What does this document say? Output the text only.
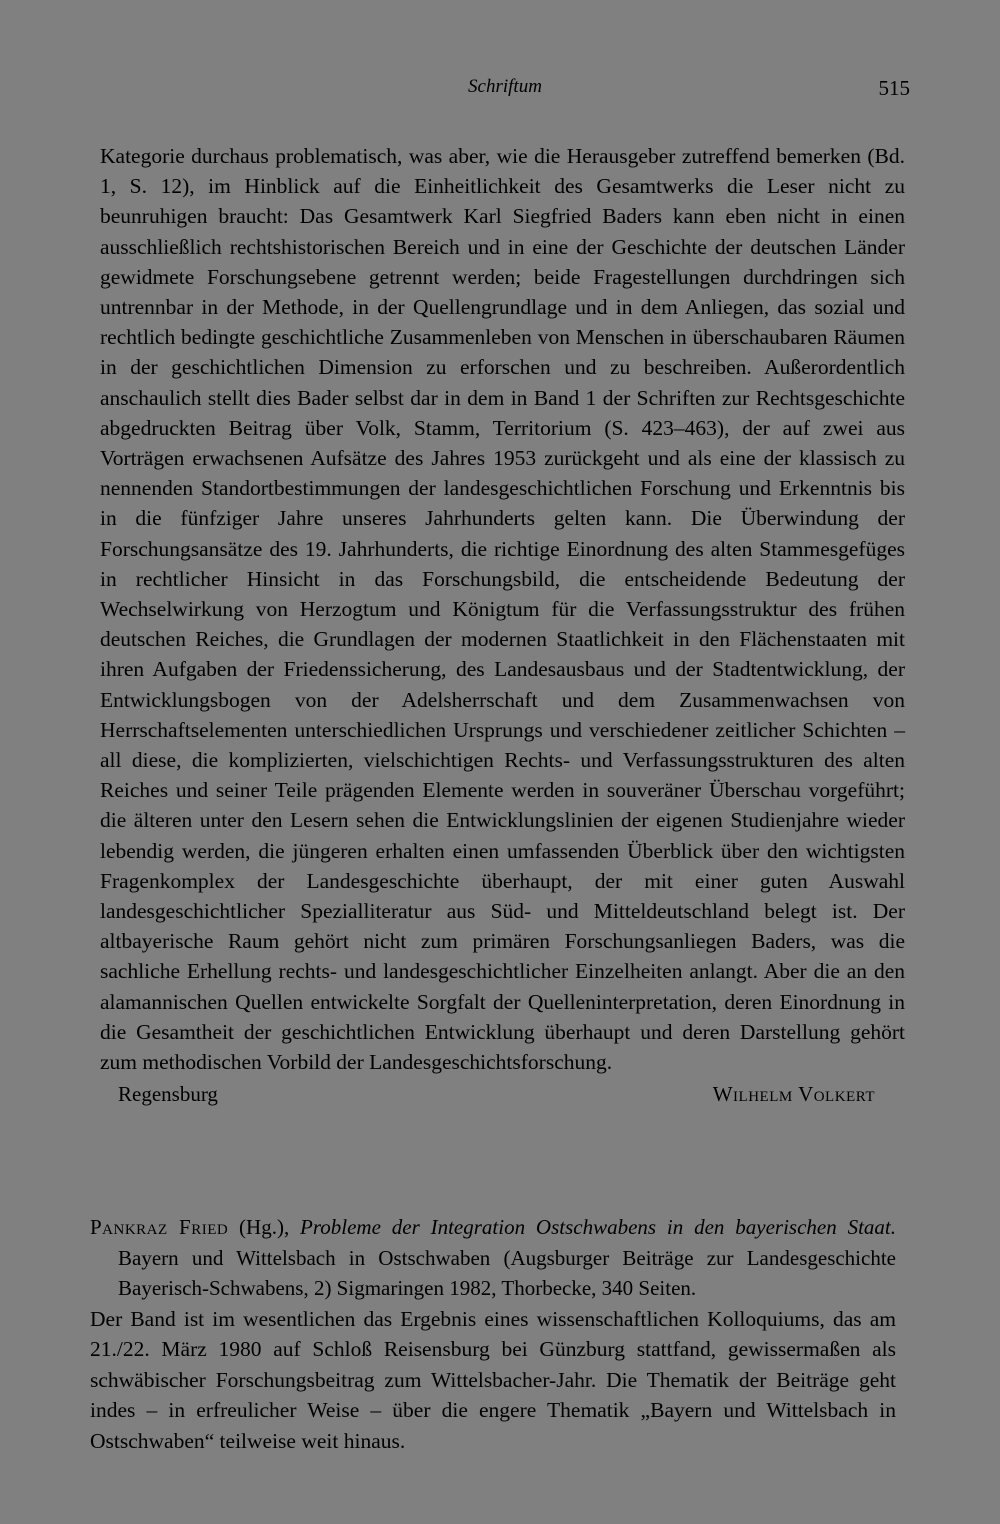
Schriftum	515

Kategorie durchaus problematisch, was aber, wie die Herausgeber zutreffend bemerken (Bd. 1, S. 12), im Hinblick auf die Einheitlichkeit des Gesamtwerks die Leser nicht zu beunruhigen braucht: Das Gesamtwerk Karl Siegfried Baders kann eben nicht in einen ausschließlich rechtshistorischen Bereich und in eine der Geschichte der deutschen Länder gewidmete Forschungsebene getrennt werden; beide Fragestellungen durchdringen sich untrennbar in der Methode, in der Quellengrundlage und in dem Anliegen, das sozial und rechtlich bedingte geschichtliche Zusammenleben von Menschen in überschaubaren Räumen in der geschichtlichen Dimension zu erforschen und zu beschreiben. Außerordentlich anschaulich stellt dies Bader selbst dar in dem in Band 1 der Schriften zur Rechtsgeschichte abgedruckten Beitrag über Volk, Stamm, Territorium (S. 423–463), der auf zwei aus Vorträgen erwachsenen Aufsätze des Jahres 1953 zurückgeht und als eine der klassisch zu nennenden Standortbestimmungen der landesgeschichtlichen Forschung und Erkenntnis bis in die fünfziger Jahre unseres Jahrhunderts gelten kann. Die Überwindung der Forschungsansätze des 19. Jahrhunderts, die richtige Einordnung des alten Stammesgefüges in rechtlicher Hinsicht in das Forschungsbild, die entscheidende Bedeutung der Wechselwirkung von Herzogtum und Königtum für die Verfassungsstruktur des frühen deutschen Reiches, die Grundlagen der modernen Staatlichkeit in den Flächenstaaten mit ihren Aufgaben der Friedenssicherung, des Landesausbaus und der Stadtentwicklung, der Entwicklungsbogen von der Adelsherrschaft und dem Zusammenwachsen von Herrschaftselementen unterschiedlichen Ursprungs und verschiedener zeitlicher Schichten – all diese, die komplizierten, vielschichtigen Rechts- und Verfassungsstrukturen des alten Reiches und seiner Teile prägenden Elemente werden in souveräner Überschau vorgeführt; die älteren unter den Lesern sehen die Entwicklungslinien der eigenen Studienjahre wieder lebendig werden, die jüngeren erhalten einen umfassenden Überblick über den wichtigsten Fragenkomplex der Landesgeschichte überhaupt, der mit einer guten Auswahl landesgeschichtlicher Spezialliteratur aus Süd- und Mitteldeutschland belegt ist. Der altbayerische Raum gehört nicht zum primären Forschungsanliegen Baders, was die sachliche Erhellung rechts- und landesgeschichtlicher Einzelheiten anlangt. Aber die an den alamannischen Quellen entwickelte Sorgfalt der Quelleninterpretation, deren Einordnung in die Gesamtheit der geschichtlichen Entwicklung überhaupt und deren Darstellung gehört zum methodischen Vorbild der Landesgeschichtsforschung.

Regensburg	Wilhelm Volkert

Pankraz Fried (Hg.), Probleme der Integration Ostschwabens in den bayerischen Staat. Bayern und Wittelsbach in Ostschwaben (Augsburger Beiträge zur Landesgeschichte Bayerisch-Schwabens, 2) Sigmaringen 1982, Thorbecke, 340 Seiten.

Der Band ist im wesentlichen das Ergebnis eines wissenschaftlichen Kolloquiums, das am 21./22. März 1980 auf Schloß Reisensburg bei Günzburg stattfand, gewissermaßen als schwäbischer Forschungsbeitrag zum Wittelsbacher-Jahr. Die Thematik der Beiträge geht indes – in erfreulicher Weise – über die engere Thematik „Bayern und Wittelsbach in Ostschwaben“ teilweise weit hinaus.
